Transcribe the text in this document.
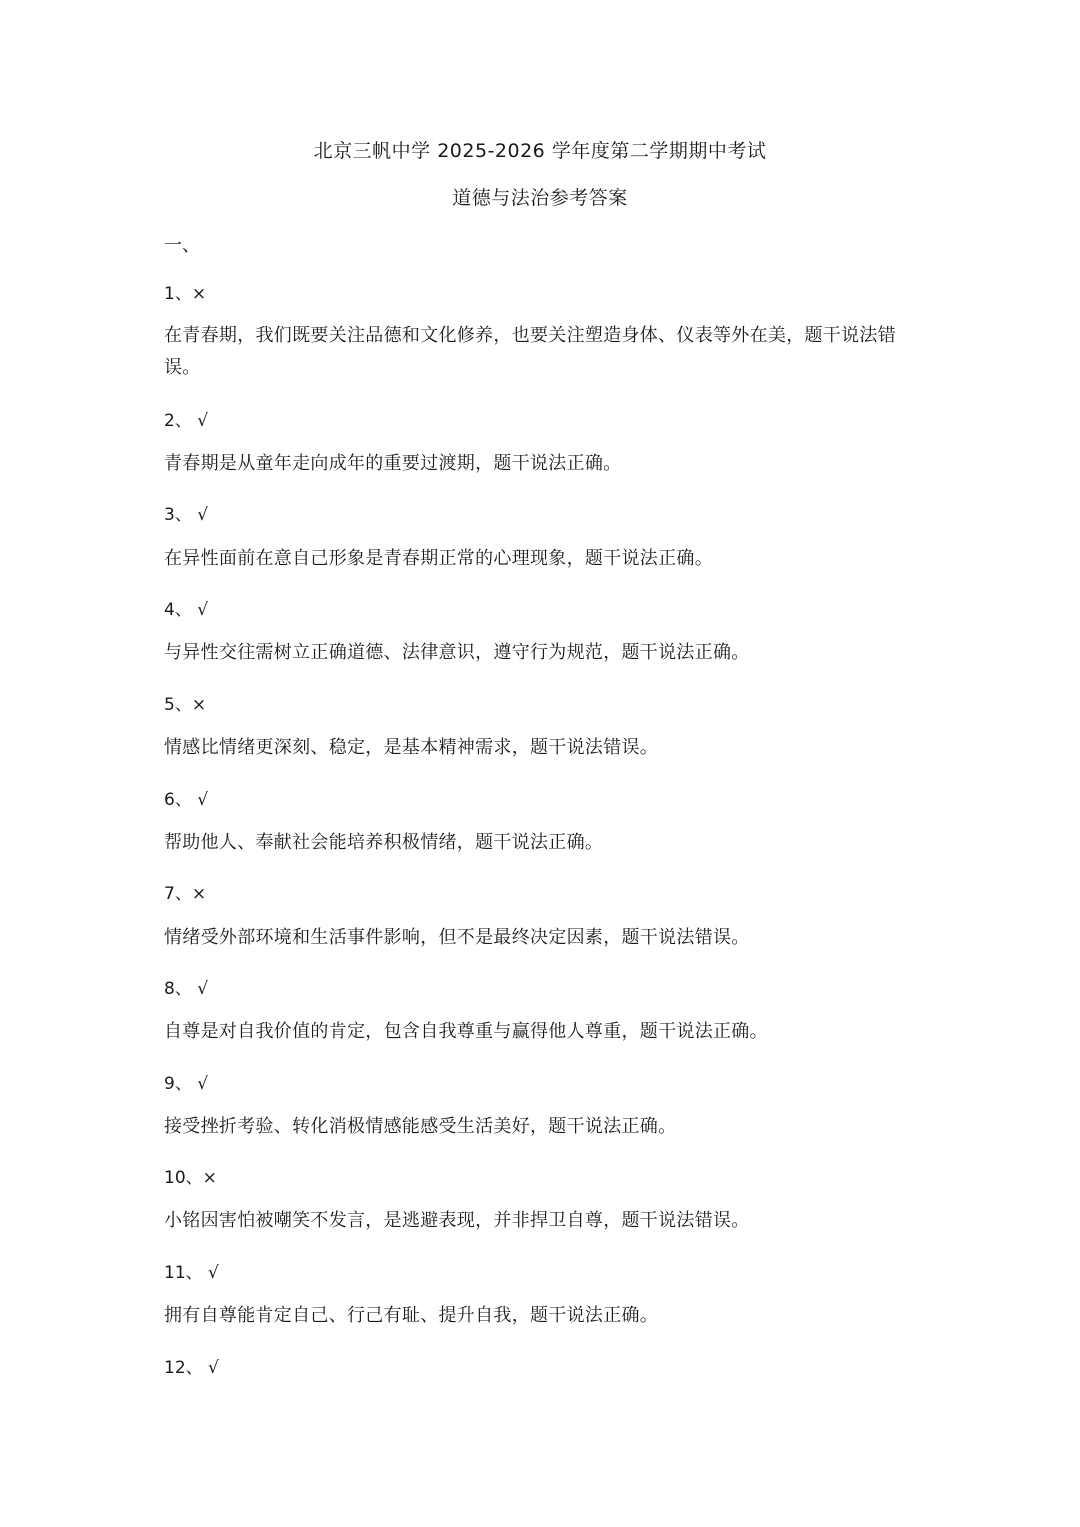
北京三帆中学 2025-2026 学年度第二学期期中考试
道德与法治参考答案
一、
1、×
在青春期，我们既要关注品德和文化修养，也要关注塑造身体、仪表等外在美，题干说法错误。
2、 √
青春期是从童年走向成年的重要过渡期，题干说法正确。
3、 √
在异性面前在意自己形象是青春期正常的心理现象，题干说法正确。
4、 √
与异性交往需树立正确道德、法律意识，遵守行为规范，题干说法正确。
5、×
情感比情绪更深刻、稳定，是基本精神需求，题干说法错误。
6、 √
帮助他人、奉献社会能培养积极情绪，题干说法正确。
7、×
情绪受外部环境和生活事件影响，但不是最终决定因素，题干说法错误。
8、 √
自尊是对自我价值的肯定，包含自我尊重与赢得他人尊重，题干说法正确。
9、 √
接受挫折考验、转化消极情感能感受生活美好，题干说法正确。
10、×
小铭因害怕被嘲笑不发言，是逃避表现，并非捍卫自尊，题干说法错误。
11、 √
拥有自尊能肯定自己、行己有耻、提升自我，题干说法正确。
12、 √
